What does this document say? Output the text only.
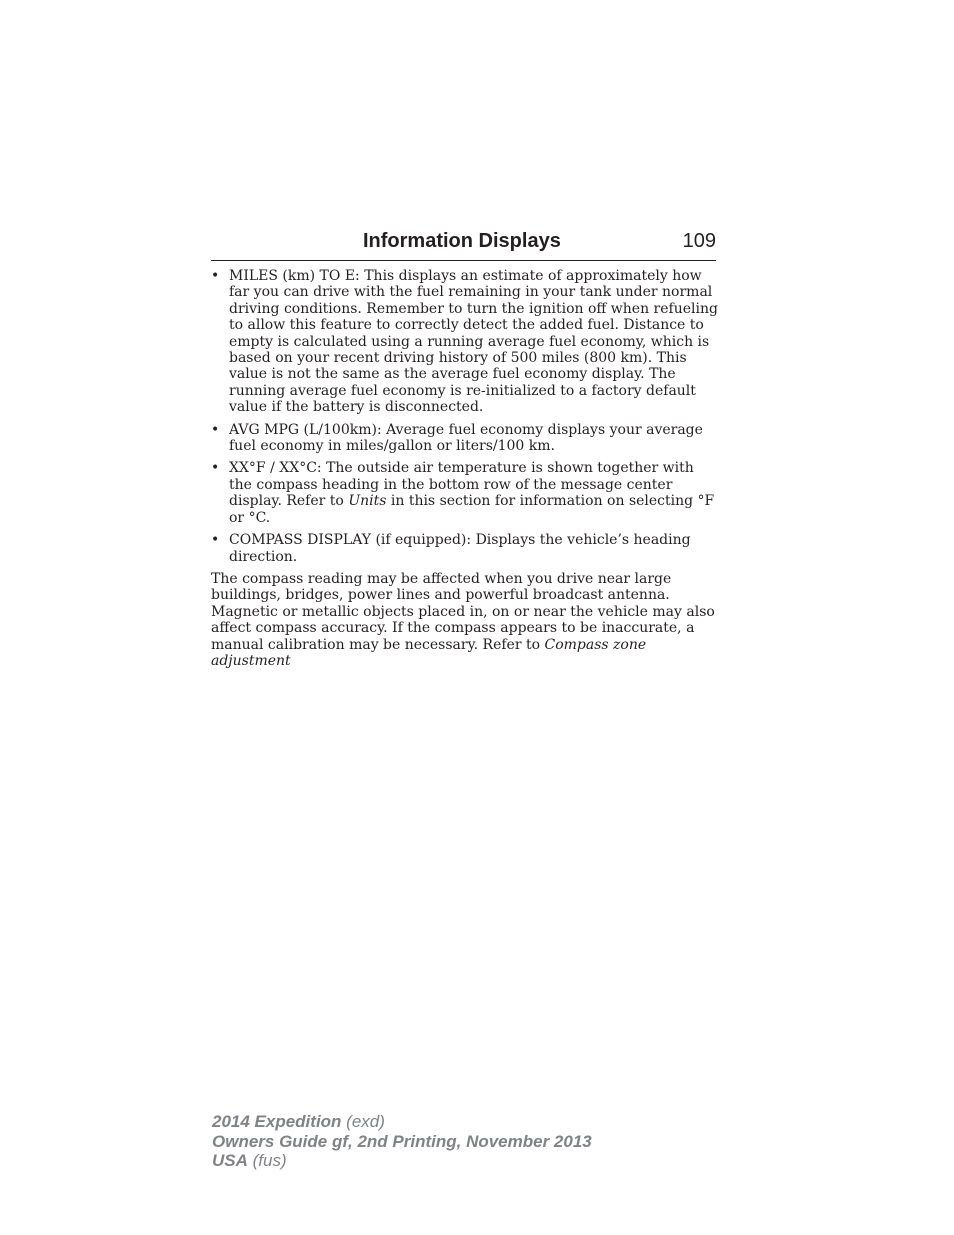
Information Displays	109
• MILES (km) TO E: This displays an estimate of approximately how far you can drive with the fuel remaining in your tank under normal driving conditions. Remember to turn the ignition off when refueling to allow this feature to correctly detect the added fuel. Distance to empty is calculated using a running average fuel economy, which is based on your recent driving history of 500 miles (800 km). This value is not the same as the average fuel economy display. The running average fuel economy is re-initialized to a factory default value if the battery is disconnected.
• AVG MPG (L/100km): Average fuel economy displays your average fuel economy in miles/gallon or liters/100 km.
• XX°F / XX°C: The outside air temperature is shown together with the compass heading in the bottom row of the message center display. Refer to Units in this section for information on selecting °F or °C.
• COMPASS DISPLAY (if equipped): Displays the vehicle’s heading direction.

The compass reading may be affected when you drive near large buildings, bridges, power lines and powerful broadcast antenna. Magnetic or metallic objects placed in, on or near the vehicle may also affect compass accuracy. If the compass appears to be inaccurate, a manual calibration may be necessary. Refer to Compass zone adjustment

2014 Expedition (exd)
Owners Guide gf, 2nd Printing, November 2013
USA (fus)
